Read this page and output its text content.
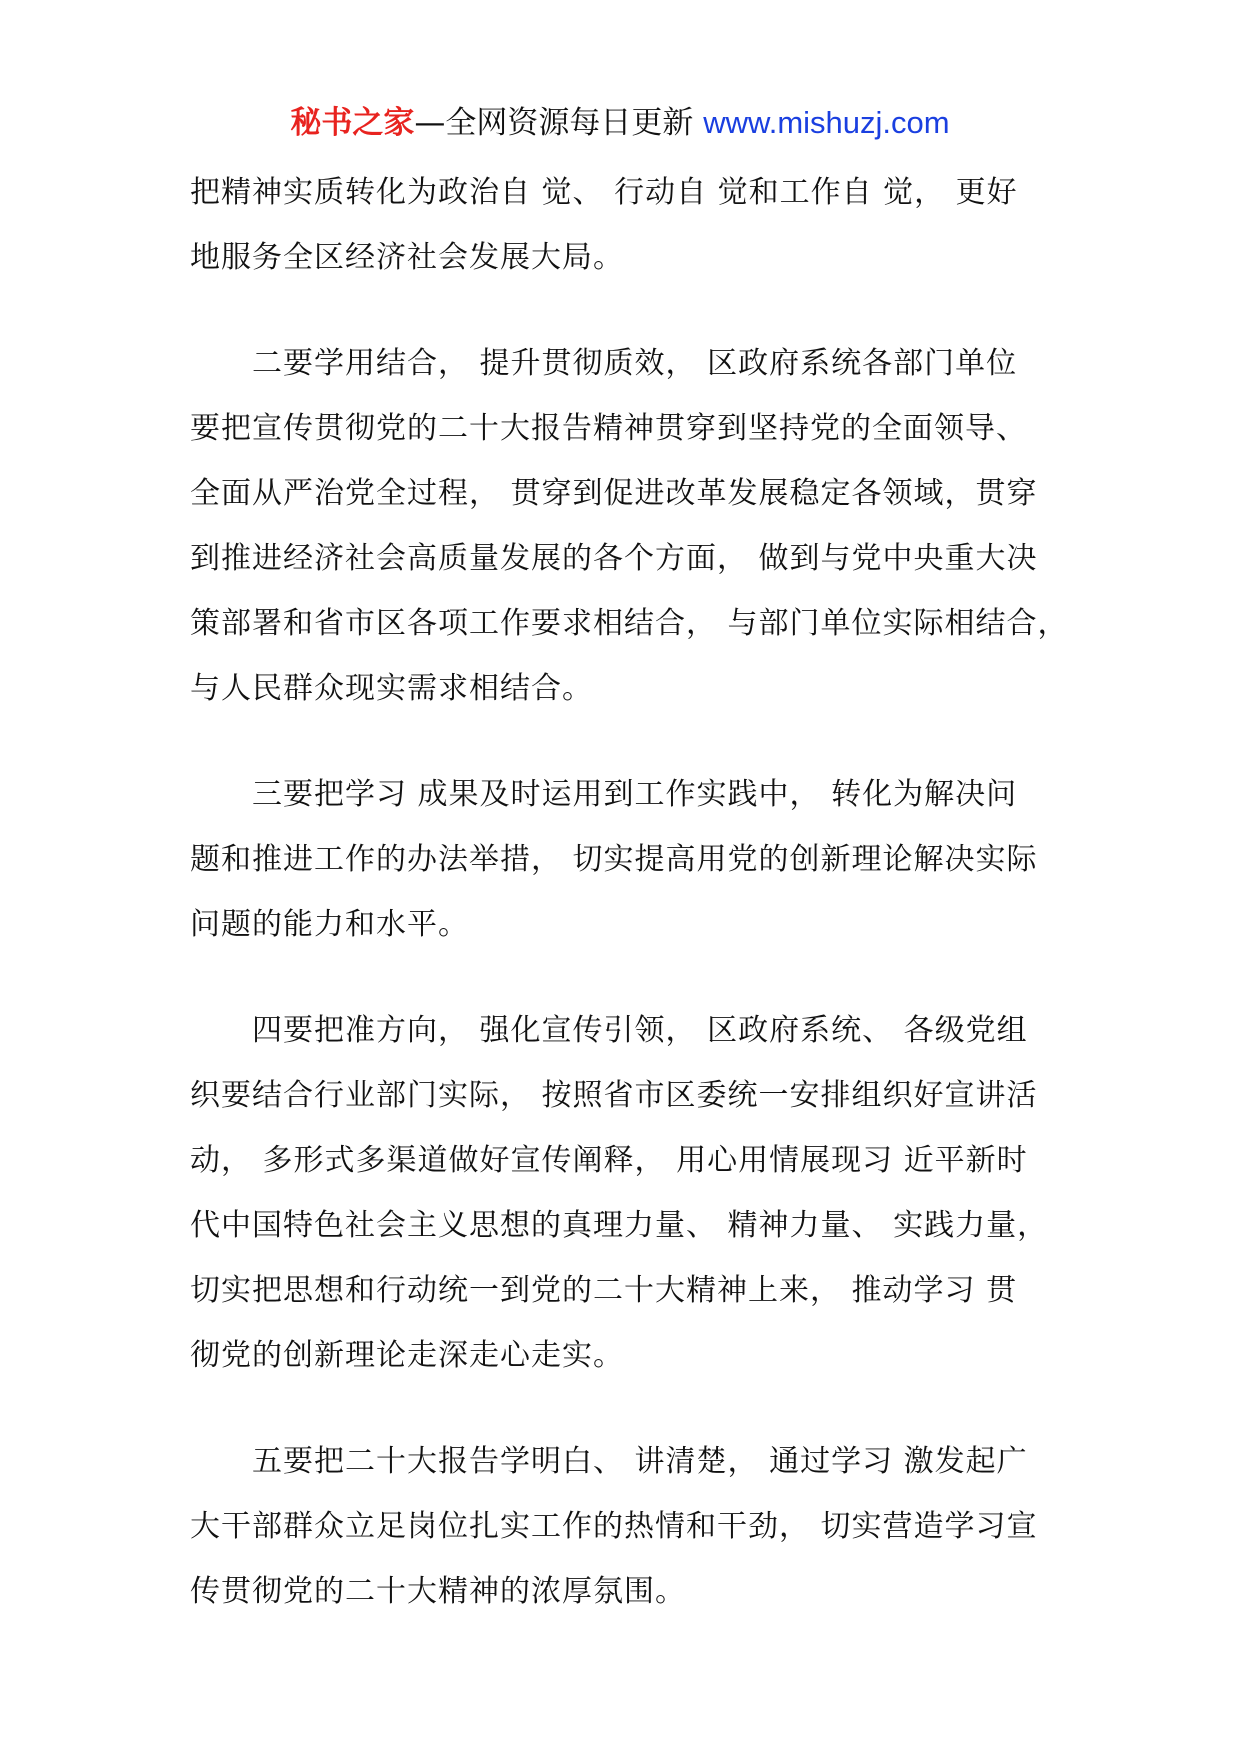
秘书之家—全网资源每日更新 www.mishuzj.com
把精神实质转化为政治自 觉、 行动自 觉和工作自 觉， 更好
地服务全区经济社会发展大局。
二要学用结合， 提升贯彻质效， 区政府系统各部门单位
要把宣传贯彻党的二十大报告精神贯穿到坚持党的全面领导、
全面从严治党全过程， 贯穿到促进改革发展稳定各领域，贯穿
到推进经济社会高质量发展的各个方面， 做到与党中央重大决
策部署和省市区各项工作要求相结合， 与部门单位实际相结合，
与人民群众现实需求相结合。
三要把学习 成果及时运用到工作实践中， 转化为解决问
题和推进工作的办法举措， 切实提高用党的创新理论解决实际
问题的能力和水平。
四要把准方向， 强化宣传引领， 区政府系统、 各级党组
织要结合行业部门实际， 按照省市区委统一安排组织好宣讲活
动， 多形式多渠道做好宣传阐释， 用心用情展现习 近平新时
代中国特色社会主义思想的真理力量、 精神力量、 实践力量，
切实把思想和行动统一到党的二十大精神上来， 推动学习 贯
彻党的创新理论走深走心走实。
五要把二十大报告学明白、 讲清楚， 通过学习 激发起广
大干部群众立足岗位扎实工作的热情和干劲， 切实营造学习宣
传贯彻党的二十大精神的浓厚氛围。
